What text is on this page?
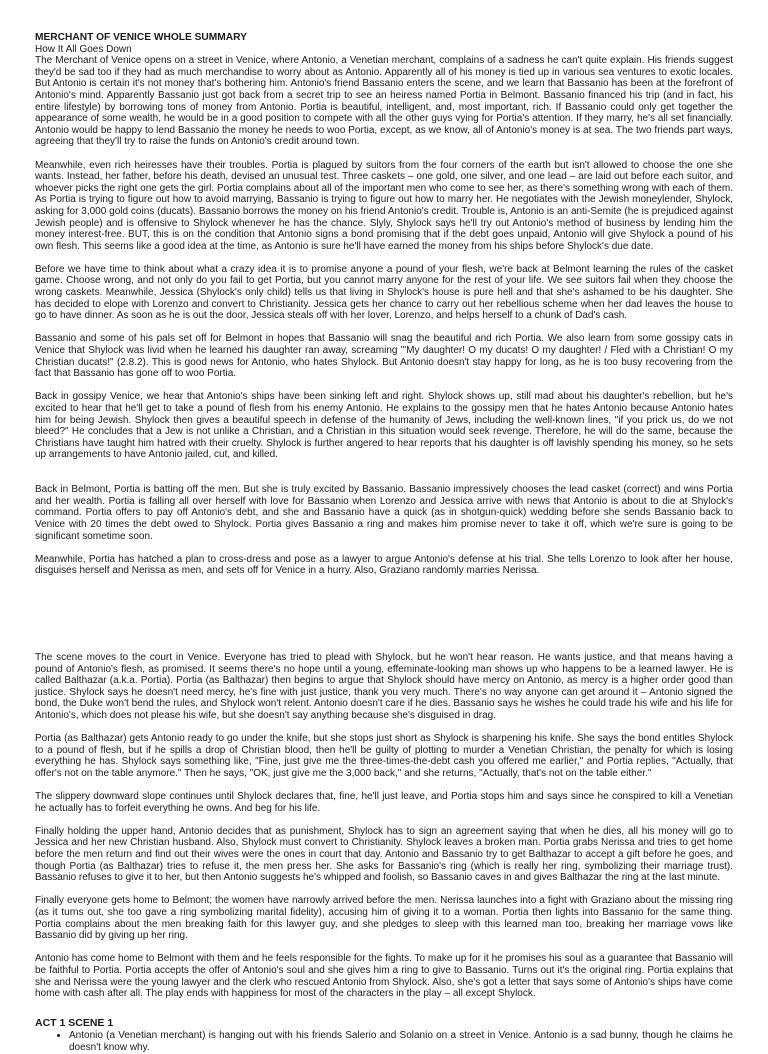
MERCHANT OF VENICE WHOLE SUMMARY
How It All Goes Down

The Merchant of Venice opens on a street in Venice, where Antonio, a Venetian merchant, complains of a sadness he can't quite explain. His friends suggest they'd be sad too if they had as much merchandise to worry about as Antonio. Apparently all of his money is tied up in various sea ventures to exotic locales. But Antonio is certain it's not money that's bothering him. Antonio's friend Bassanio enters the scene, and we learn that Bassanio has been at the forefront of Antonio's mind. Apparently Bassanio just got back from a secret trip to see an heiress named Portia in Belmont. Bassanio financed his trip (and in fact, his entire lifestyle) by borrowing tons of money from Antonio. Portia is beautiful, intelligent, and, most important, rich. If Bassanio could only get together the appearance of some wealth, he would be in a good position to compete with all the other guys vying for Portia's attention. If they marry, he's all set financially. Antonio would be happy to lend Bassanio the money he needs to woo Portia, except, as we know, all of Antonio's money is at sea. The two friends part ways, agreeing that they'll try to raise the funds on Antonio's credit around town.

Meanwhile, even rich heiresses have their troubles. Portia is plagued by suitors from the four corners of the earth but isn't allowed to choose the one she wants. Instead, her father, before his death, devised an unusual test. Three caskets – one gold, one silver, and one lead – are laid out before each suitor, and whoever picks the right one gets the girl. Portia complains about all of the important men who come to see her, as there's something wrong with each of them. As Portia is trying to figure out how to avoid marrying, Bassanio is trying to figure out how to marry her. He negotiates with the Jewish moneylender, Shylock, asking for 3,000 gold coins (ducats). Bassanio borrows the money on his friend Antonio's credit. Trouble is, Antonio is an anti-Semite (he is prejudiced against Jewish people) and is offensive to Shylock whenever he has the chance. Slyly, Shylock says he'll try out Antonio's method of business by lending him the money interest-free. BUT, this is on the condition that Antonio signs a bond promising that if the debt goes unpaid, Antonio will give Shylock a pound of his own flesh. This seems like a good idea at the time, as Antonio is sure he'll have earned the money from his ships before Shylock's due date.

Before we have time to think about what a crazy idea it is to promise anyone a pound of your flesh, we're back at Belmont learning the rules of the casket game. Choose wrong, and not only do you fail to get Portia, but you cannot marry anyone for the rest of your life. We see suitors fail when they choose the wrong caskets. Meanwhile, Jessica (Shylock's only child) tells us that living in Shylock's house is pure hell and that she's ashamed to be his daughter. She has decided to elope with Lorenzo and convert to Christianity. Jessica gets her chance to carry out her rebellious scheme when her dad leaves the house to go to have dinner. As soon as he is out the door, Jessica steals off with her lover, Lorenzo, and helps herself to a chunk of Dad's cash.

Bassanio and some of his pals set off for Belmont in hopes that Bassanio will snag the beautiful and rich Portia. We also learn from some gossipy cats in Venice that Shylock was livid when he learned his daughter ran away, screaming "'My daughter! O my ducats! O my daughter! / Fled with a Christian! O my Christian ducats!" (2.8.2). This is good news for Antonio, who hates Shylock. But Antonio doesn't stay happy for long, as he is too busy recovering from the fact that Bassanio has gone off to woo Portia.

Back in gossipy Venice, we hear that Antonio's ships have been sinking left and right. Shylock shows up, still mad about his daughter's rebellion, but he's excited to hear that he'll get to take a pound of flesh from his enemy Antonio. He explains to the gossipy men that he hates Antonio because Antonio hates him for being Jewish. Shylock then gives a beautiful speech in defense of the humanity of Jews, including the well-known lines, "if you prick us, do we not bleed?" He concludes that a Jew is not unlike a Christian, and a Christian in this situation would seek revenge. Therefore, he will do the same, because the Christians have taught him hatred with their cruelty. Shylock is further angered to hear reports that his daughter is off lavishly spending his money, so he sets up arrangements to have Antonio jailed, cut, and killed.

Back in Belmont, Portia is batting off the men. But she is truly excited by Bassanio. Bassanio impressively chooses the lead casket (correct) and wins Portia and her wealth. Portia is falling all over herself with love for Bassanio when Lorenzo and Jessica arrive with news that Antonio is about to die at Shylock's command. Portia offers to pay off Antonio's debt, and she and Bassanio have a quick (as in shotgun-quick) wedding before she sends Bassanio back to Venice with 20 times the debt owed to Shylock. Portia gives Bassanio a ring and makes him promise never to take it off, which we're sure is going to be significant sometime soon.

Meanwhile, Portia has hatched a plan to cross-dress and pose as a lawyer to argue Antonio's defense at his trial. She tells Lorenzo to look after her house, disguises herself and Nerissa as men, and sets off for Venice in a hurry. Also, Graziano randomly marries Nerissa.

The scene moves to the court in Venice. Everyone has tried to plead with Shylock, but he won't hear reason. He wants justice, and that means having a pound of Antonio's flesh, as promised. It seems there's no hope until a young, effeminate-looking man shows up who happens to be a learned lawyer. He is called Balthazar (a.k.a. Portia). Portia (as Balthazar) then begins to argue that Shylock should have mercy on Antonio, as mercy is a higher order good than justice. Shylock says he doesn't need mercy, he's fine with just justice, thank you very much. There's no way anyone can get around it – Antonio signed the bond, the Duke won't bend the rules, and Shylock won't relent. Antonio doesn't care if he dies. Bassanio says he wishes he could trade his wife and his life for Antonio's, which does not please his wife, but she doesn't say anything because she's disguised in drag.

Portia (as Balthazar) gets Antonio ready to go under the knife, but she stops just short as Shylock is sharpening his knife. She says the bond entitles Shylock to a pound of flesh, but if he spills a drop of Christian blood, then he'll be guilty of plotting to murder a Venetian Christian, the penalty for which is losing everything he has. Shylock says something like, "Fine, just give me the three-times-the-debt cash you offered me earlier," and Portia replies, "Actually, that offer's not on the table anymore." Then he says, "OK, just give me the 3,000 back," and she returns, "Actually, that's not on the table either."

The slippery downward slope continues until Shylock declares that, fine, he'll just leave, and Portia stops him and says since he conspired to kill a Venetian he actually has to forfeit everything he owns. And beg for his life.

Finally holding the upper hand, Antonio decides that as punishment, Shylock has to sign an agreement saying that when he dies, all his money will go to Jessica and her new Christian husband. Also, Shylock must convert to Christianity. Shylock leaves a broken man. Portia grabs Nerissa and tries to get home before the men return and find out their wives were the ones in court that day. Antonio and Bassanio try to get Balthazar to accept a gift before he goes, and though Portia (as Balthazar) tries to refuse it, the men press her. She asks for Bassanio's ring (which is really her ring, symbolizing their marriage trust). Bassanio refuses to give it to her, but then Antonio suggests he's whipped and foolish, so Bassanio caves in and gives Balthazar the ring at the last minute.

Finally everyone gets home to Belmont; the women have narrowly arrived before the men. Nerissa launches into a fight with Graziano about the missing ring (as it turns out, she too gave a ring symbolizing marital fidelity), accusing him of giving it to a woman. Portia then lights into Bassanio for the same thing. Portia complains about the men breaking faith for this lawyer guy, and she pledges to sleep with this learned man too, breaking her marriage vows like Bassanio did by giving up her ring.

Antonio has come home to Belmont with them and he feels responsible for the fights. To make up for it he promises his soul as a guarantee that Bassanio will be faithful to Portia. Portia accepts the offer of Antonio's soul and she gives him a ring to give to Bassanio. Turns out it's the original ring. Portia explains that she and Nerissa were the young lawyer and the clerk who rescued Antonio from Shylock. Also, she's got a letter that says some of Antonio's ships have come home with cash after all. The play ends with happiness for most of the characters in the play – all except Shylock.

ACT 1 SCENE 1
• Antonio (a Venetian merchant) is hanging out with his friends Salerio and Solanio on a street in Venice. Antonio is a sad bunny, though he claims he doesn't know why.
